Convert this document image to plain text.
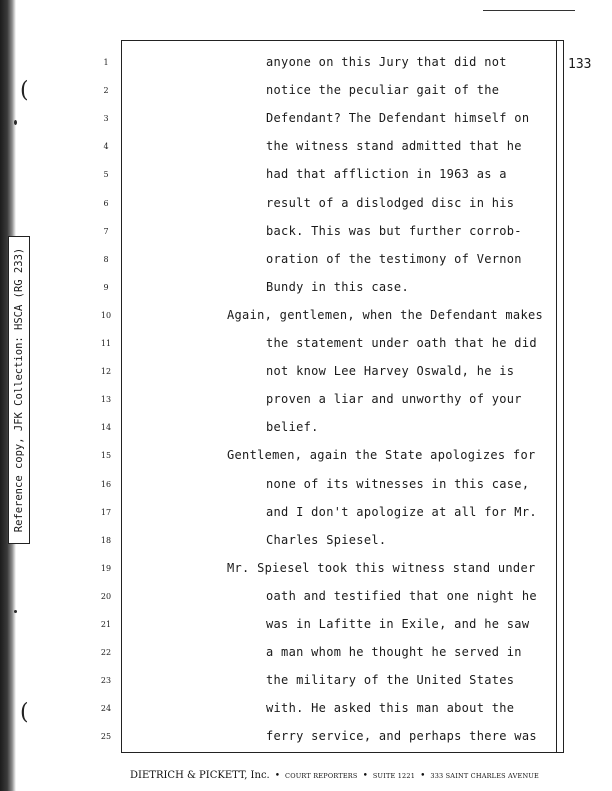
(
(
Reference copy, JFK Collection: HSCA (RG 233)
133
1	anyone on this Jury that did not
2	notice the peculiar gait of the
3	Defendant? The Defendant himself on
4	the witness stand admitted that he
5	had that affliction in 1963 as a
6	result of a dislodged disc in his
7	back. This was but further corrob-
8	oration of the testimony of Vernon
9	Bundy in this case.
10	Again, gentlemen, when the Defendant makes
11	the statement under oath that he did
12	not know Lee Harvey Oswald, he is
13	proven a liar and unworthy of your
14	belief.
15	Gentlemen, again the State apologizes for
16	none of its witnesses in this case,
17	and I don't apologize at all for Mr.
18	Charles Spiesel.
19	Mr. Spiesel took this witness stand under
20	oath and testified that one night he
21	was in Lafitte in Exile, and he saw
22	a man whom he thought he served in
23	the military of the United States
24	with. He asked this man about the
25	ferry service, and perhaps there was
DIETRICH & PICKETT, Inc. • COURT REPORTERS • SUITE 1221 • 333 SAINT CHARLES AVENUE
